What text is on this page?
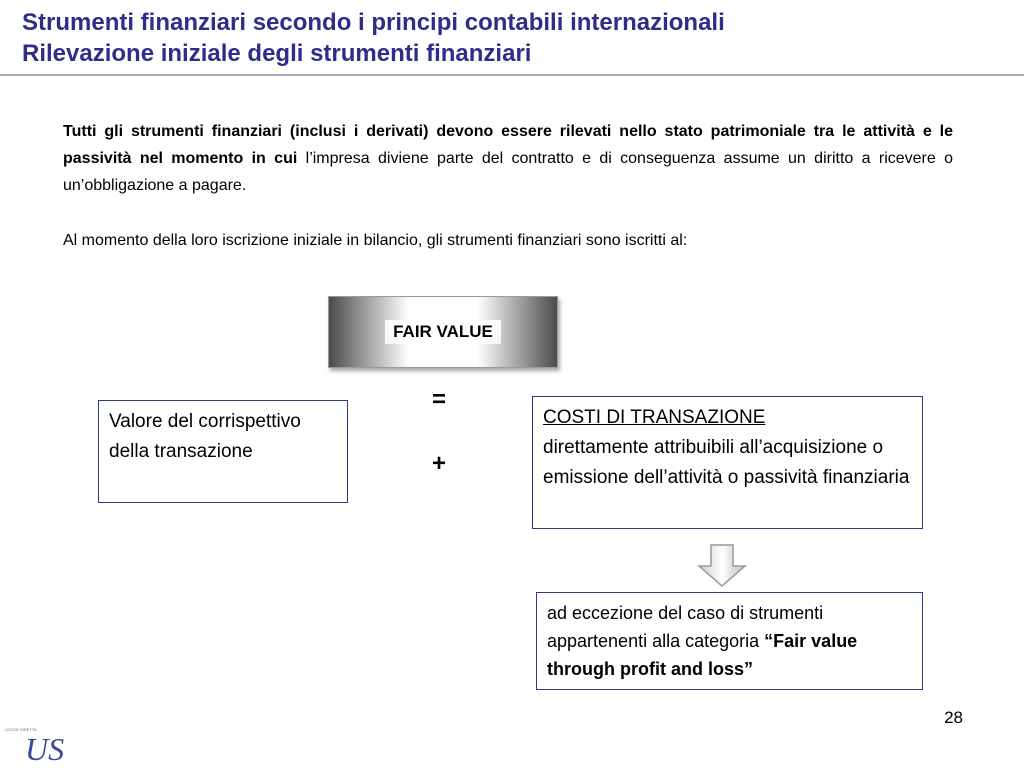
Strumenti finanziari secondo i principi contabili internazionali
Rilevazione iniziale degli strumenti finanziari
Tutti gli strumenti finanziari (inclusi i derivati) devono essere rilevati nello stato patrimoniale tra le attività e le passività nel momento in cui l’impresa diviene parte del contratto e di conseguenza assume un diritto a ricevere o un’obbligazione a pagare.
Al momento della loro iscrizione iniziale in bilancio, gli strumenti finanziari sono iscritti al:
FAIR VALUE
=
+
Valore del corrispettivo della transazione
COSTI DI TRANSAZIONE
direttamente attribuibili all’acquisizione o emissione dell’attività o passività finanziaria
ad eccezione del caso di strumenti appartenenti alla categoria “Fair value through profit and loss”
28
LEGGE DIRETTA
US
